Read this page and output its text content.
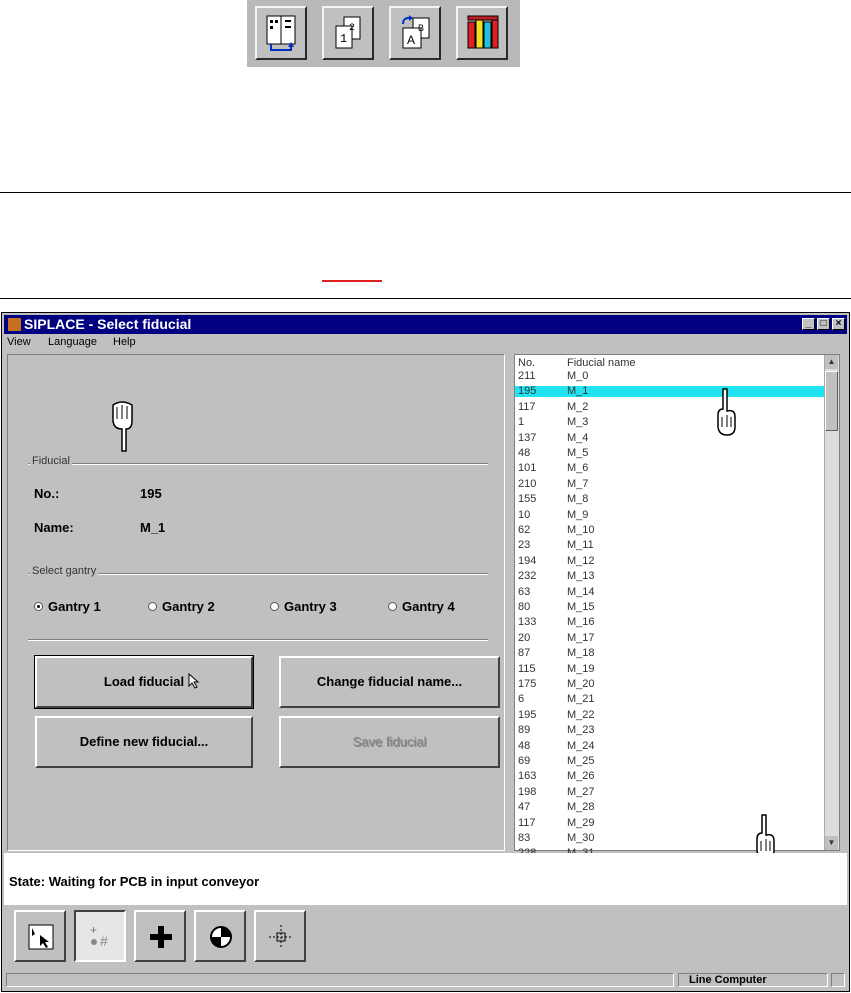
1
2
A
B
SIPLACE - Select fiducial	_ □ ×
View Language Help
Fiducial
No.:	195
Name:	M_1
Select gantry
Gantry 1	Gantry 2	Gantry 3	Gantry 4
Load fiducial	Change fiducial name...
Define new fiducial...	Save fiducial
No.	Fiducial name
211	M_0
195	M_1
117	M_2
1	M_3
137	M_4
48	M_5
101	M_6
210	M_7
155	M_8
10	M_9
62	M_10
23	M_11
194	M_12
232	M_13
63	M_14
80	M_15
133	M_16
20	M_17
87	M_18
115	M_19
175	M_20
6	M_21
195	M_22
89	M_23
48	M_24
69	M_25
163	M_26
198	M_27
47	M_28
117	M_29
83	M_30
▲
▼
State: Waiting for PCB in input conveyor
+
#
Line Computer
